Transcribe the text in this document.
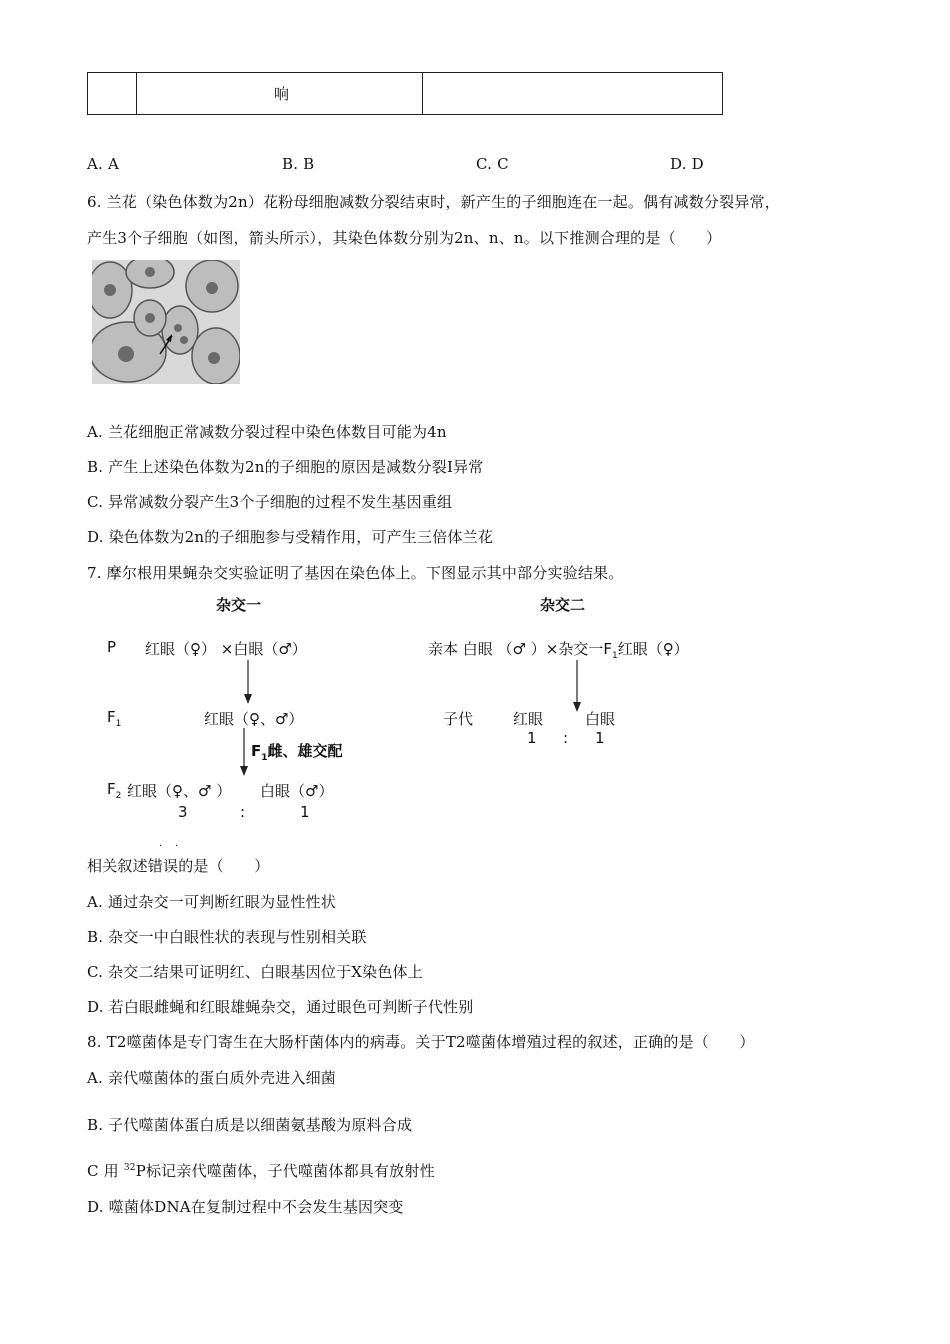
响
A. A	B. B	C. C	D. D
6. 兰花（染色体数为2n）花粉母细胞减数分裂结束时，新产生的子细胞连在一起。偶有减数分裂异常，
产生3个子细胞（如图，箭头所示），其染色体数分别为2n、n、n。以下推测合理的是（　　）
A. 兰花细胞正常减数分裂过程中染色体数目可能为4n
B. 产生上述染色体数为2n的子细胞的原因是减数分裂Ⅰ异常
C. 异常减数分裂产生3个子细胞的过程不发生基因重组
D. 染色体数为2n的子细胞参与受精作用，可产生三倍体兰花
7. 摩尔根用果蝇杂交实验证明了基因在染色体上。下图显示其中部分实验结果。
杂交一
P 红眼（♀） ×白眼（♂）
$F_1$	红眼（♀、♂）
$F_1$雌、雄交配
$F_2$ 红眼（♀、♂ ） 白眼（♂）
3	:	1
杂交二
亲本 白眼 （♂ ）×杂交一$F_1$红眼（♀）
子代	红眼	白眼
1 : 1
· ·
相关叙述错误的是（　　）
A. 通过杂交一可判断红眼为显性性状
B. 杂交一中白眼性状的表现与性别相关联
C. 杂交二结果可证明红、白眼基因位于X染色体上
D. 若白眼雌蝇和红眼雄蝇杂交，通过眼色可判断子代性别
8. T2噬菌体是专门寄生在大肠杆菌体内的病毒。关于T2噬菌体增殖过程的叙述，正确的是（　　）
A. 亲代噬菌体的蛋白质外壳进入细菌
B. 子代噬菌体蛋白质是以细菌氨基酸为原料合成
C 用 $^{32}$P标记亲代噬菌体，子代噬菌体都具有放射性
D. 噬菌体DNA在复制过程中不会发生基因突变
